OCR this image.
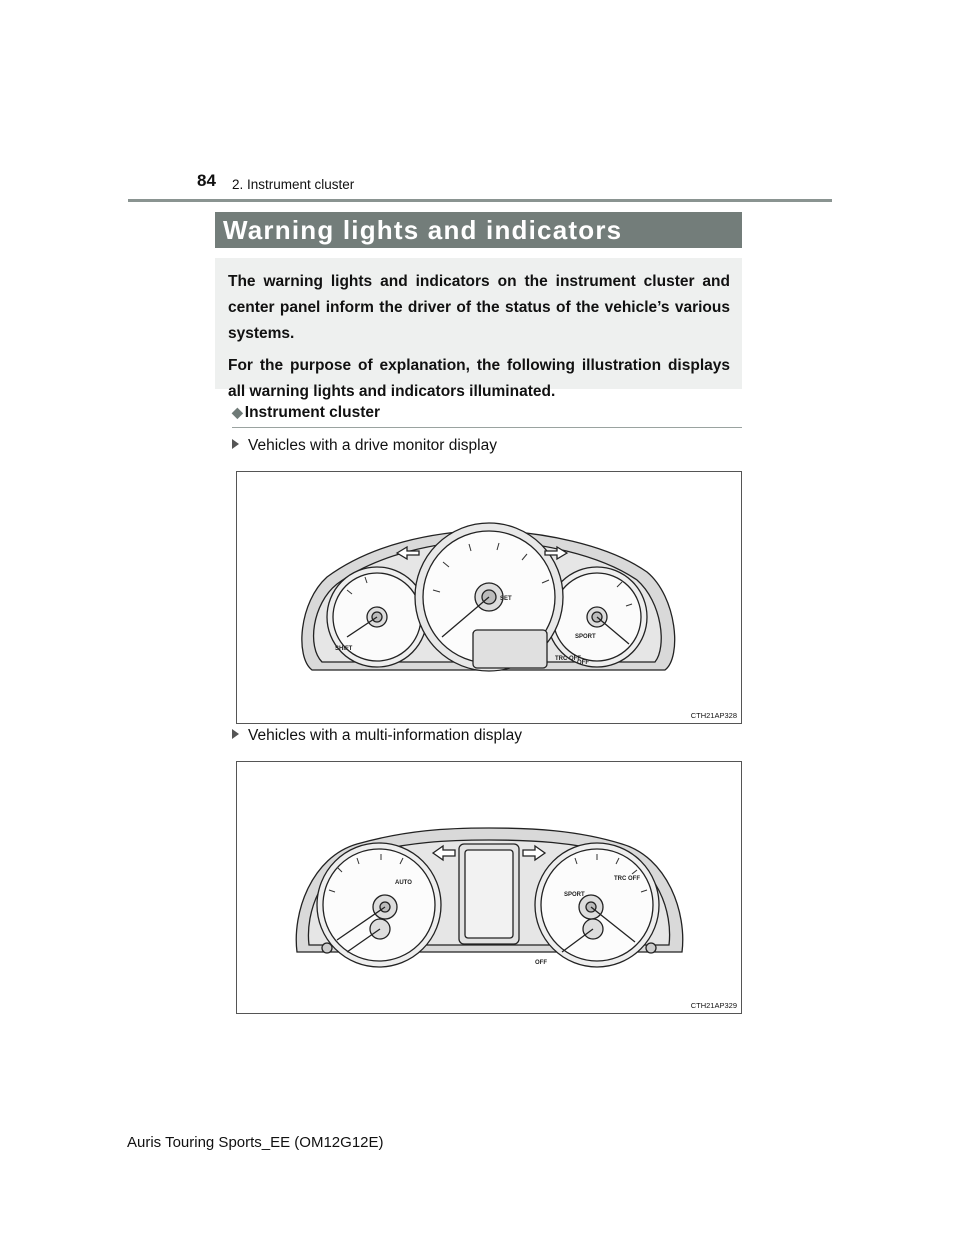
84 2. Instrument cluster
Warning lights and indicators

The warning lights and indicators on the instrument cluster and center panel inform the driver of the status of the vehicle’s various systems.

For the purpose of explanation, the following illustration displays all warning lights and indicators illuminated.

◆ Instrument cluster
Vehicles with a drive monitor display
SET
SPORT
SHIFT
TRC OFF
OFF
CTH21AP328
Vehicles with a multi-information display
AUTO
SPORT
TRC OFF
OFF
CTH21AP329
Auris Touring Sports_EE (OM12G12E)
